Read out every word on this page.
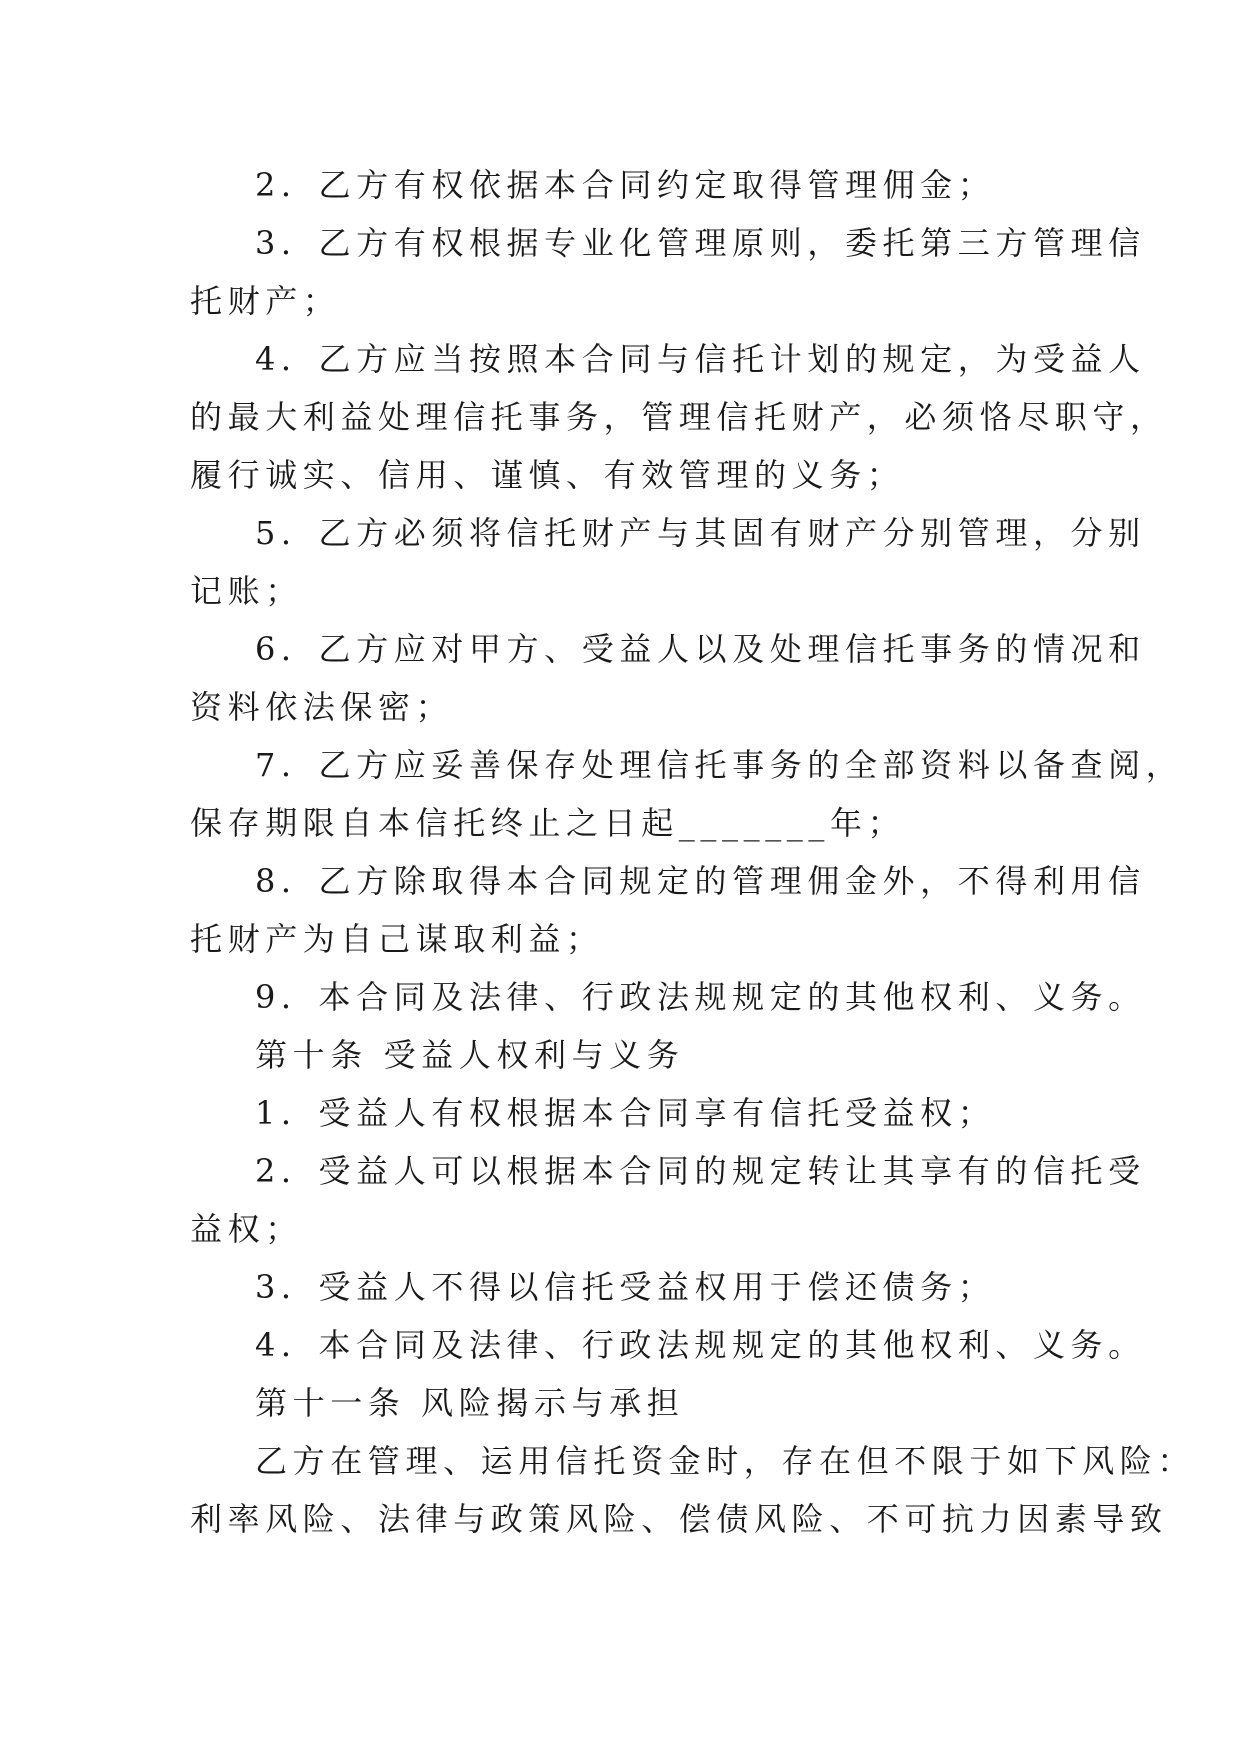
2．乙方有权依据本合同约定取得管理佣金；
3．乙方有权根据专业化管理原则，委托第三方管理信
托财产；
4．乙方应当按照本合同与信托计划的规定，为受益人
的最大利益处理信托事务，管理信托财产，必须恪尽职守，
履行诚实、信用、谨慎、有效管理的义务；
5．乙方必须将信托财产与其固有财产分别管理，分别
记账；
6．乙方应对甲方、受益人以及处理信托事务的情况和
资料依法保密；
7．乙方应妥善保存处理信托事务的全部资料以备查阅，
保存期限自本信托终止之日起_______年；
8．乙方除取得本合同规定的管理佣金外，不得利用信
托财产为自己谋取利益；
9．本合同及法律、行政法规规定的其他权利、义务。
第十条 受益人权利与义务
1．受益人有权根据本合同享有信托受益权；
2．受益人可以根据本合同的规定转让其享有的信托受
益权；
3．受益人不得以信托受益权用于偿还债务；
4．本合同及法律、行政法规规定的其他权利、义务。
第十一条 风险揭示与承担
乙方在管理、运用信托资金时，存在但不限于如下风险：
利率风险、法律与政策风险、偿债风险、不可抗力因素导致
